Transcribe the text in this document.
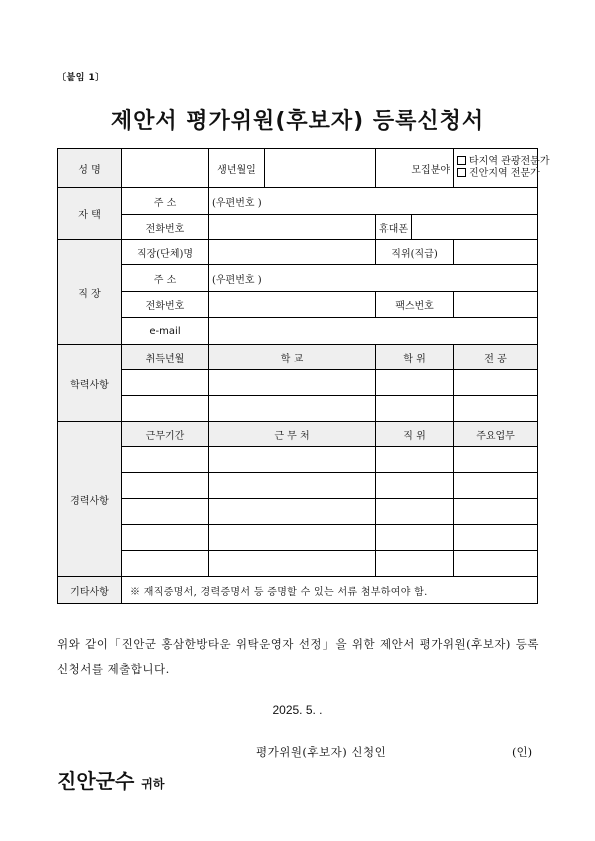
〔붙임 1〕
제안서 평가위원(후보자) 등록신청서
성 명		생년월일		모집분야		타지역 관광전문가
진안지역 전문가

자 택	주 소	(우편번호 )				
	전화번호			휴대폰		
직 장	직장(단체)명			직위(직급)		
	주 소	(우편번호 )				
	전화번호			팩스번호		
	e-mail					
학력사항	취득년월	학 교		학 위		전 공

경력사항	근무기간	근 무 처		직 위		주요업무

기타사항	※ 재직증명서, 경력증명서 등 증명할 수 있는 서류 첨부하여야 함.					
위와 같이「진안군 홍삼한방타운 위탁운영자 선정」을 위한 제안서 평가위원(후보자) 등록 신청서를 제출합니다.
2025. 5. .
평가위원(후보자) 신청인	(인)
진안군수 귀하
